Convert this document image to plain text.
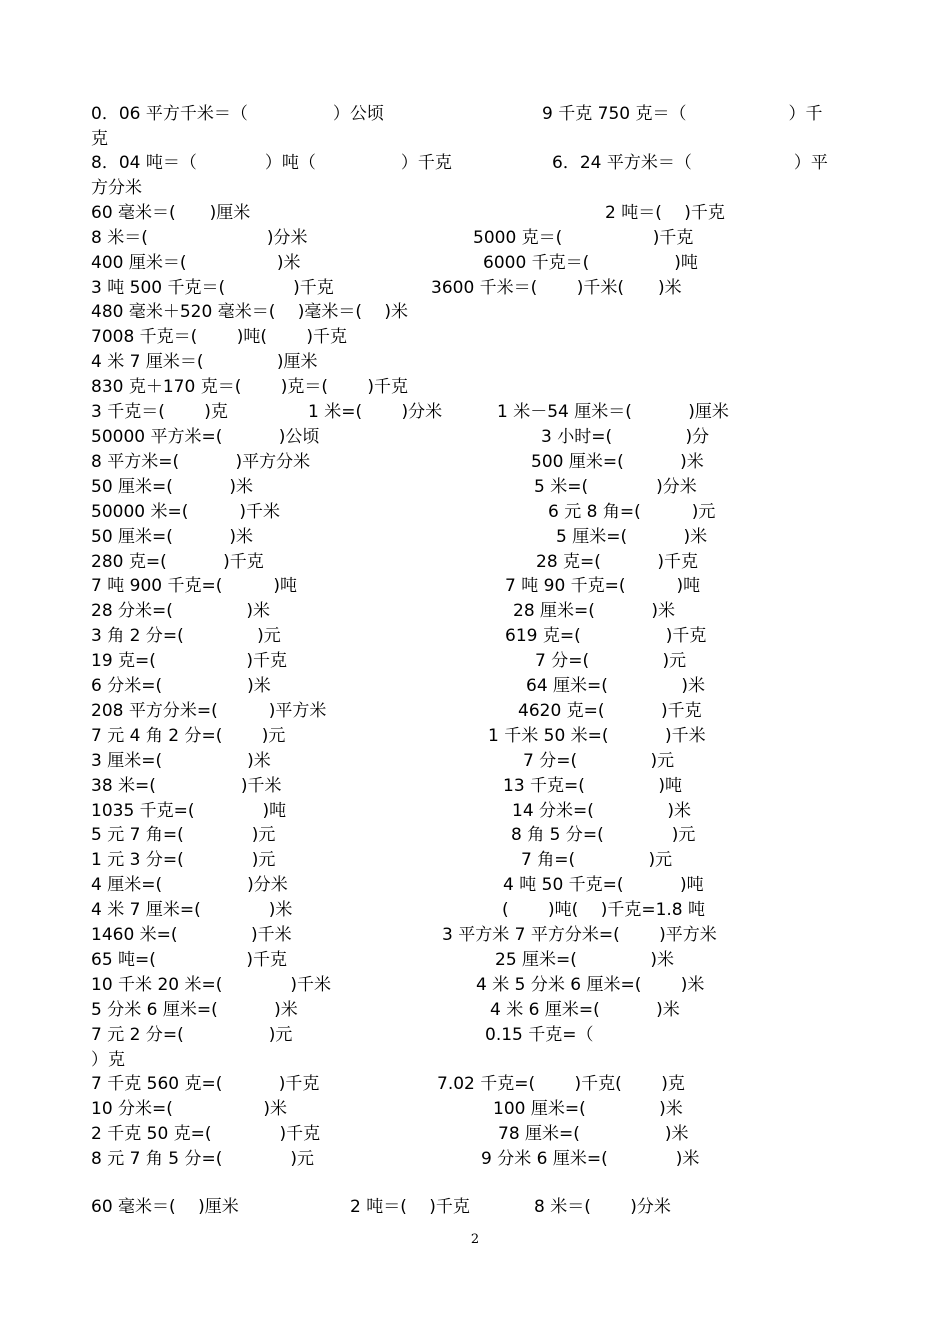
0．06 平方千米＝（　　　　　）公顷	9 千克 750 克＝（　　　　　　）千
克
8．04 吨＝（　　　　）吨（　　　　　）千克	6．24 平方米＝（　　　　　　）平
方分米
60 毫米＝(　　)厘米	2 吨＝(　 )千克
8 米＝(　　　　　　　)分米	5000 克＝(　　　　　 )千克
400 厘米＝(　　　　　 )米	6000 千克＝(　　　　　)吨
3 吨 500 千克＝(　　　　)千克	3600 千米＝(　　 )千米(　　)米
480 毫米＋520 毫米＝(　 )毫米＝(　 )米
7008 千克＝(　　 )吨(　　 )千克
4 米 7 厘米＝(　　　　 )厘米
830 克＋170 克＝(　　 )克＝(　　 )千克
3 千克＝(　　 )克	1 米=(　　 )分米	1 米－54 厘米＝(　　　 )厘米
50000 平方米=(　　　 )公顷	3 小时=(　　　　 )分
8 平方米=(　　　 )平方分米	500 厘米=(　　　 )米
50 厘米=(　　　 )米	5 米=(　　　　)分米
50000 米=(　　　)千米	6 元 8 角=(　　　)元
50 厘米=(　　　 )米	5 厘米=(　　　 )米
280 克=(　　　 )千克	28 克=(　　　 )千克
7 吨 900 千克=(　　　)吨	7 吨 90 千克=(　　　)吨
28 分米=(　　　　 )米	28 厘米=(　　　 )米
3 角 2 分=(　　　　 )元	619 克=(　　　　　)千克
19 克=(　　　　　 )千克	7 分=(　　　　 )元
6 分米=(　　　　　)米	64 厘米=(　　　　 )米
208 平方分米=(　　　)平方米	4620 克=(　　　 )千克
7 元 4 角 2 分=(　　 )元	1 千米 50 米=(　　　 )千米
3 厘米=(　　　　　)米	7 分=(　　　　 )元
38 米=(　　　　　)千米	13 千克=(　　　　 )吨
1035 千克=(　　　　)吨	14 分米=(　　　　 )米
5 元 7 角=(　　　　)元	8 角 5 分=(　　　　)元
1 元 3 分=(　　　　)元	7 角=(　　　　 )元
4 厘米=(　　　　　)分米	4 吨 50 千克=(　　　 )吨
4 米 7 厘米=(　　　　)米	(　　 )吨(　 )千克=1.8 吨
1460 米=(　　　　 )千米	3 平方米 7 平方分米=(　　 )平方米
65 吨=(　　　　　 )千克	25 厘米=(　　　　 )米
10 千米 20 米=(　　　　)千米	4 米 5 分米 6 厘米=(　　 )米
5 分米 6 厘米=(　　　 )米	4 米 6 厘米=(　　　 )米
7 元 2 分=(　　　　　)元	0.15 千克=（
）克
7 千克 560 克=(　　　 )千克	7.02 千克=(　　 )千克(　　 )克
10 分米=(　　　　　 )米	100 厘米=(　　　　 )米
2 千克 50 克=(　　　　)千克	78 厘米=(　　　　　)米
8 元 7 角 5 分=(　　　　)元	9 分米 6 厘米=(　　　　)米
60 毫米＝(　 )厘米	2 吨＝(　 )千克	8 米＝(　　 )分米
2
